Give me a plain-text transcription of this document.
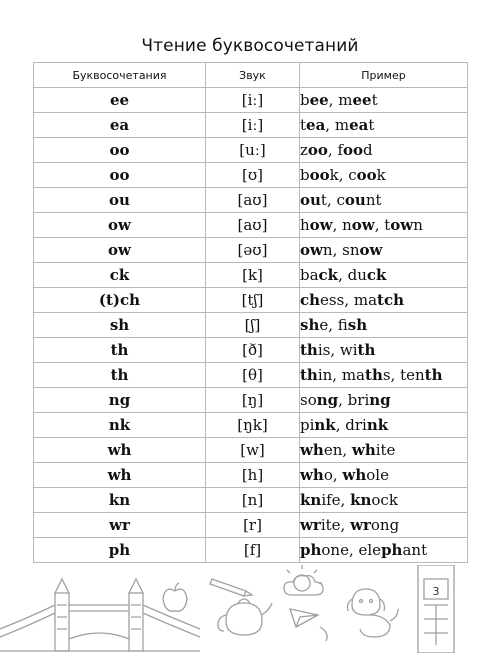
Чтение буквосочетаний
Буквосочетания	Звук	Пример
ee	[iː]	bee, meet
ea	[iː]	tea, meat
oo	[uː]	zoo, food
oo	[ʊ]	book, cook
ou	[aʊ]	out, count
ow	[aʊ]	how, now, town
ow	[əʊ]	own, snow
ck	[k]	back, duck
(t)ch	[tʃ]	chess, match
sh	[ʃ]	she, fish
th	[ð]	this, with
th	[θ]	thin, maths, tenth
ng	[ŋ]	song, bring
nk	[ŋk]	pink, drink
wh	[w]	when, white
wh	[h]	who, whole
kn	[n]	knife, knock
wr	[r]	write, wrong
ph	[f]	phone, elephant
3
